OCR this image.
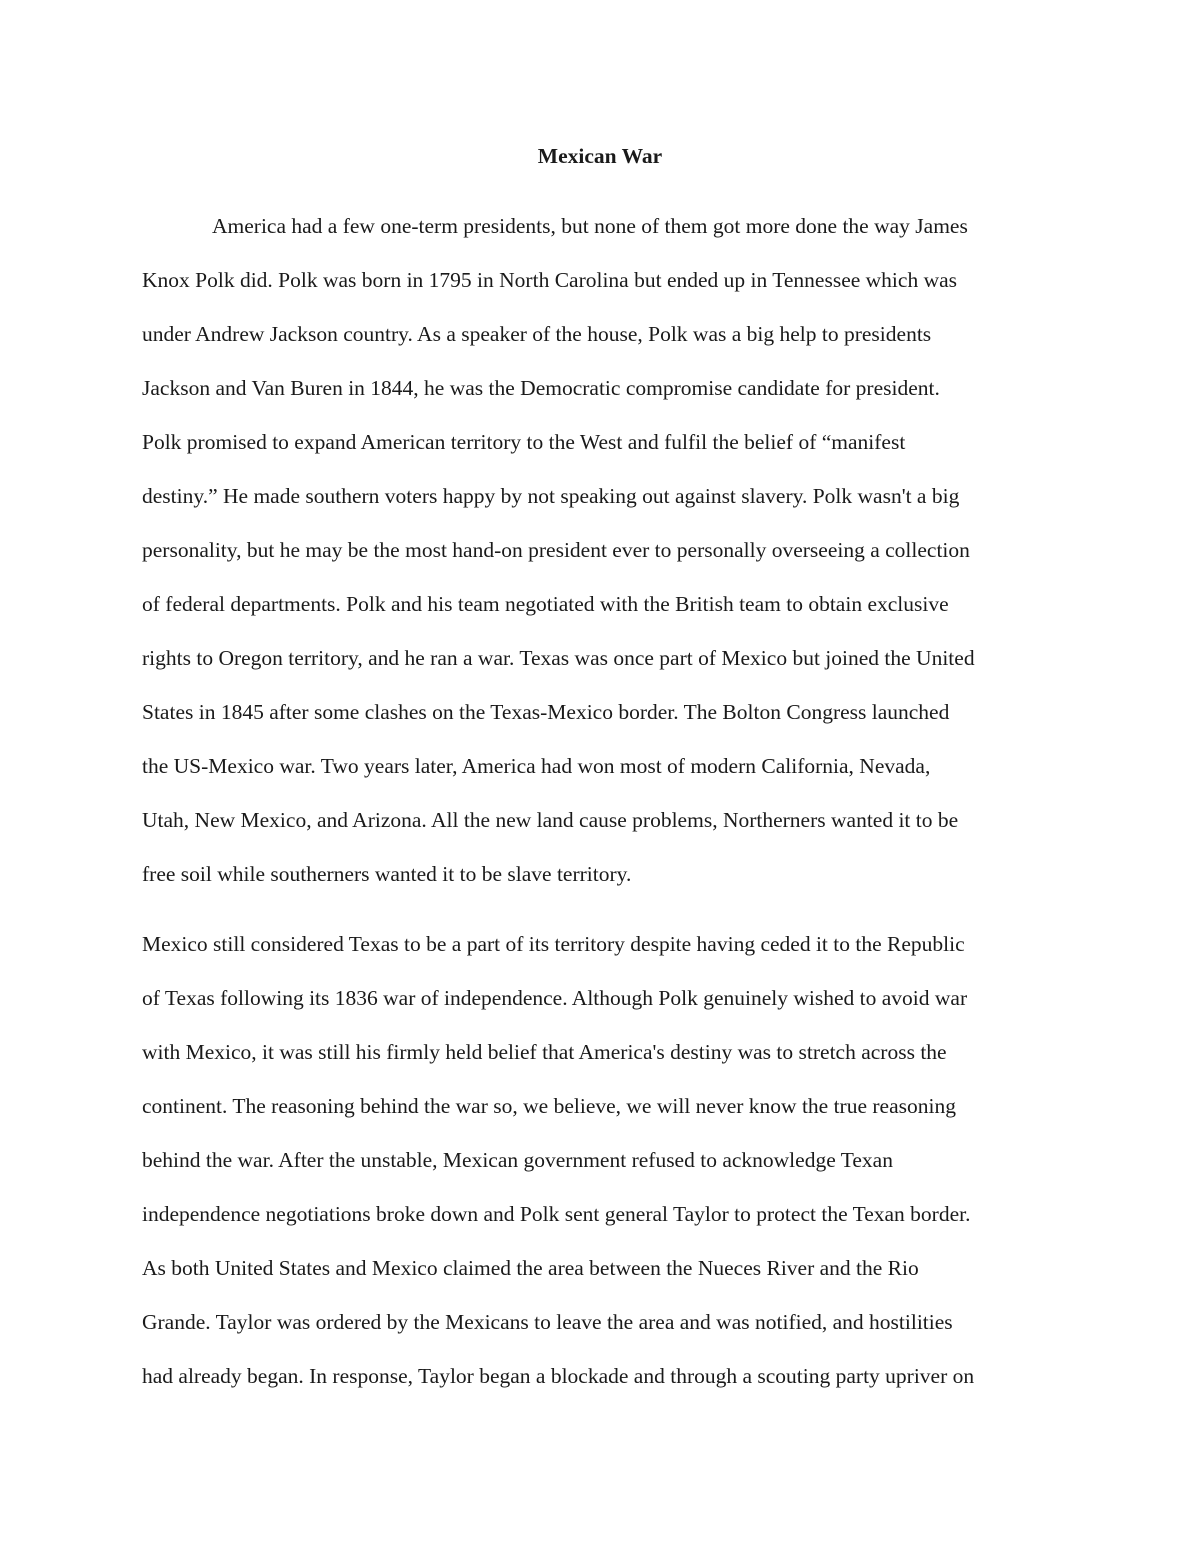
Mexican War
America had a few one-term presidents, but none of them got more done the way James
Knox Polk did. Polk was born in 1795 in North Carolina but ended up in Tennessee which was
under Andrew Jackson country. As a speaker of the house, Polk was a big help to presidents
Jackson and Van Buren in 1844, he was the Democratic compromise candidate for president.
Polk promised to expand American territory to the West and fulfil the belief of “manifest
destiny.” He made southern voters happy by not speaking out against slavery. Polk wasn't a big
personality, but he may be the most hand-on president ever to personally overseeing a collection
of federal departments. Polk and his team negotiated with the British team to obtain exclusive
rights to Oregon territory, and he ran a war. Texas was once part of Mexico but joined the United
States in 1845 after some clashes on the Texas-Mexico border. The Bolton Congress launched
the US-Mexico war. Two years later, America had won most of modern California, Nevada,
Utah, New Mexico, and Arizona. All the new land cause problems, Northerners wanted it to be
free soil while southerners wanted it to be slave territory.
Mexico still considered Texas to be a part of its territory despite having ceded it to the Republic
of Texas following its 1836 war of independence. Although Polk genuinely wished to avoid war
with Mexico, it was still his firmly held belief that America's destiny was to stretch across the
continent. The reasoning behind the war so, we believe, we will never know the true reasoning
behind the war. After the unstable, Mexican government refused to acknowledge Texan
independence negotiations broke down and Polk sent general Taylor to protect the Texan border.
As both United States and Mexico claimed the area between the Nueces River and the Rio
Grande. Taylor was ordered by the Mexicans to leave the area and was notified, and hostilities
had already began. In response, Taylor began a blockade and through a scouting party upriver on
